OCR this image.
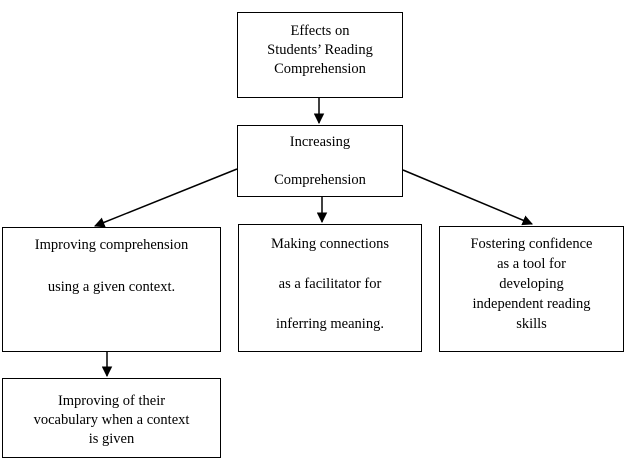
Effects on
Students’ Reading
Comprehension
Increasing

Comprehension
Improving comprehension

using a given context.
Making connections

as a facilitator for

inferring meaning.
Fostering confidence
as a tool for
developing
independent reading
skills
Improving of their
vocabulary when a context
is given
